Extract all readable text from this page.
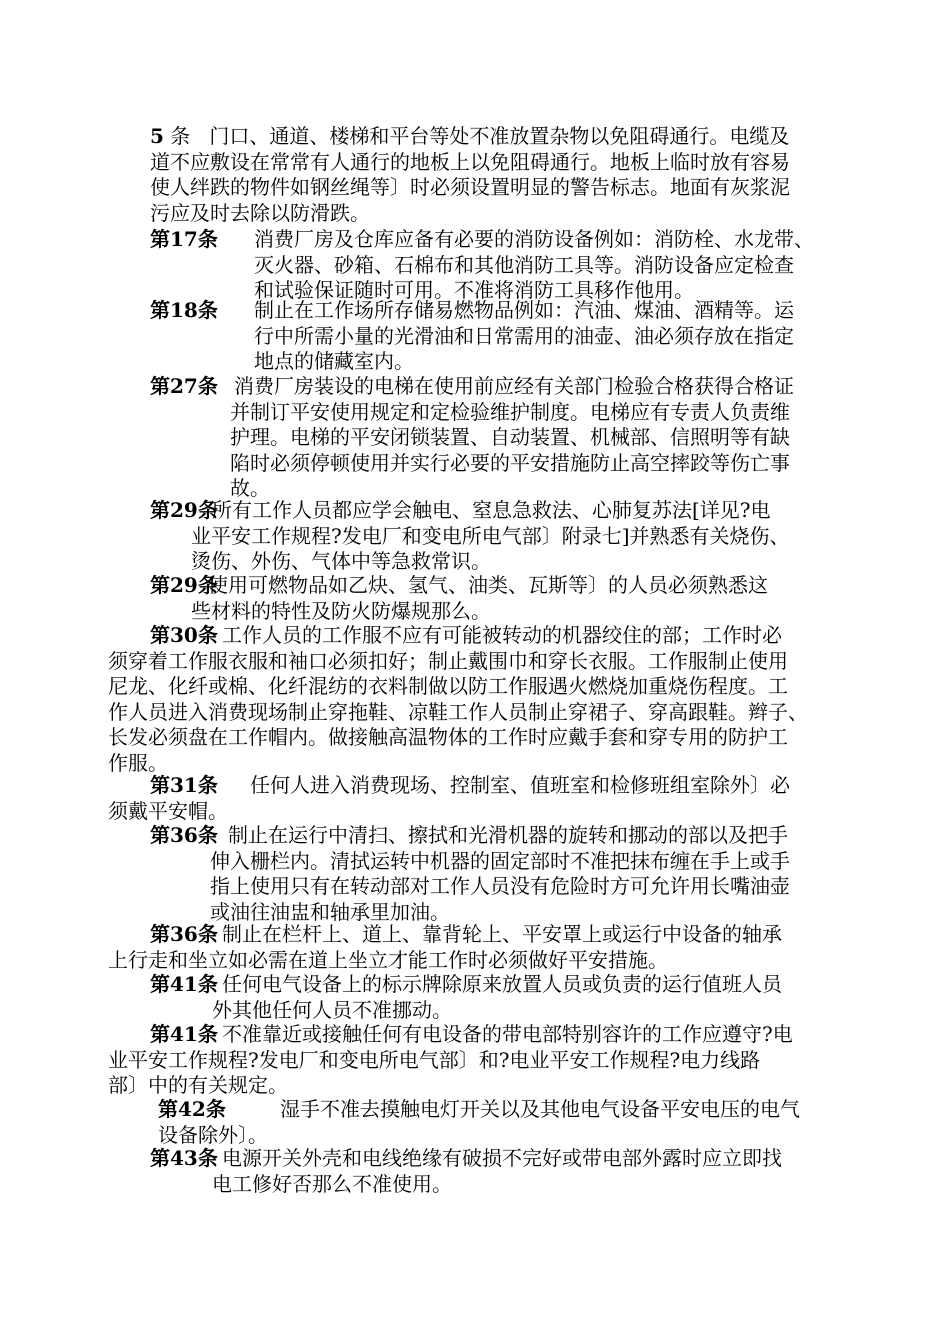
5 条 门口、通道、楼梯和平台等处不准放置杂物以免阻碍通行。电缆及
道不应敷设在常常有人通行的地板上以免阻碍通行。地板上临时放有容易
使人绊跌的物件如钢丝绳等〕时必须设置明显的警告标志。地面有灰浆泥
污应及时去除以防滑跌。
第17条 消费厂房及仓库应备有必要的消防设备例如：消防栓、水龙带、
灭火器、砂箱、石棉布和其他消防工具等。消防设备应定检查
和试验保证随时可用。不准将消防工具移作他用。
第18条 制止在工作场所存储易燃物品例如：汽油、煤油、酒精等。运
行中所需小量的光滑油和日常需用的油壶、油必须存放在指定
地点的储藏室内。
第27条 消费厂房装设的电梯在使用前应经有关部门检验合格获得合格证
并制订平安使用规定和定检验维护制度。电梯应有专责人负责维
护理。电梯的平安闭锁装置、自动装置、机械部、信照明等有缺
陷时必须停顿使用并实行必要的平安措施防止高空摔跤等伤亡事
故。
第29条所有工作人员都应学会触电、窒息急救法、心肺复苏法[详见?电
业平安工作规程?发电厂和变电所电气部〕附录七]并熟悉有关烧伤、
烫伤、外伤、气体中等急救常识。
第29条使用可燃物品如乙炔、氢气、油类、瓦斯等〕的人员必须熟悉这
些材料的特性及防火防爆规那么。
第30条 工作人员的工作服不应有可能被转动的机器绞住的部；工作时必
须穿着工作服衣服和袖口必须扣好；制止戴围巾和穿长衣服。工作服制止使用
尼龙、化纤或棉、化纤混纺的衣料制做以防工作服遇火燃烧加重烧伤程度。工
作人员进入消费现场制止穿拖鞋、凉鞋工作人员制止穿裙子、穿高跟鞋。辫子、
长发必须盘在工作帽内。做接触高温物体的工作时应戴手套和穿专用的防护工
作服。
第31条 任何人进入消费现场、控制室、值班室和检修班组室除外〕必
须戴平安帽。
第36条 制止在运行中清扫、擦拭和光滑机器的旋转和挪动的部以及把手
伸入栅栏内。清拭运转中机器的固定部时不准把抹布缠在手上或手
指上使用只有在转动部对工作人员没有危险时方可允许用长嘴油壶
或油往油盅和轴承里加油。
第36条 制止在栏杆上、道上、靠背轮上、平安罩上或运行中设备的轴承
上行走和坐立如必需在道上坐立才能工作时必须做好平安措施。
第41条 任何电气设备上的标示牌除原来放置人员或负责的运行值班人员
外其他任何人员不准挪动。
第41条 不准靠近或接触任何有电设备的带电部特别容许的工作应遵守?电
业平安工作规程?发电厂和变电所电气部〕和?电业平安工作规程?电力线路
部〕中的有关规定。
第42条	湿手不准去摸触电灯开关以及其他电气设备平安电压的电气
设备除外〕。
第43条 电源开关外壳和电线绝缘有破损不完好或带电部外露时应立即找
电工修好否那么不准使用。
